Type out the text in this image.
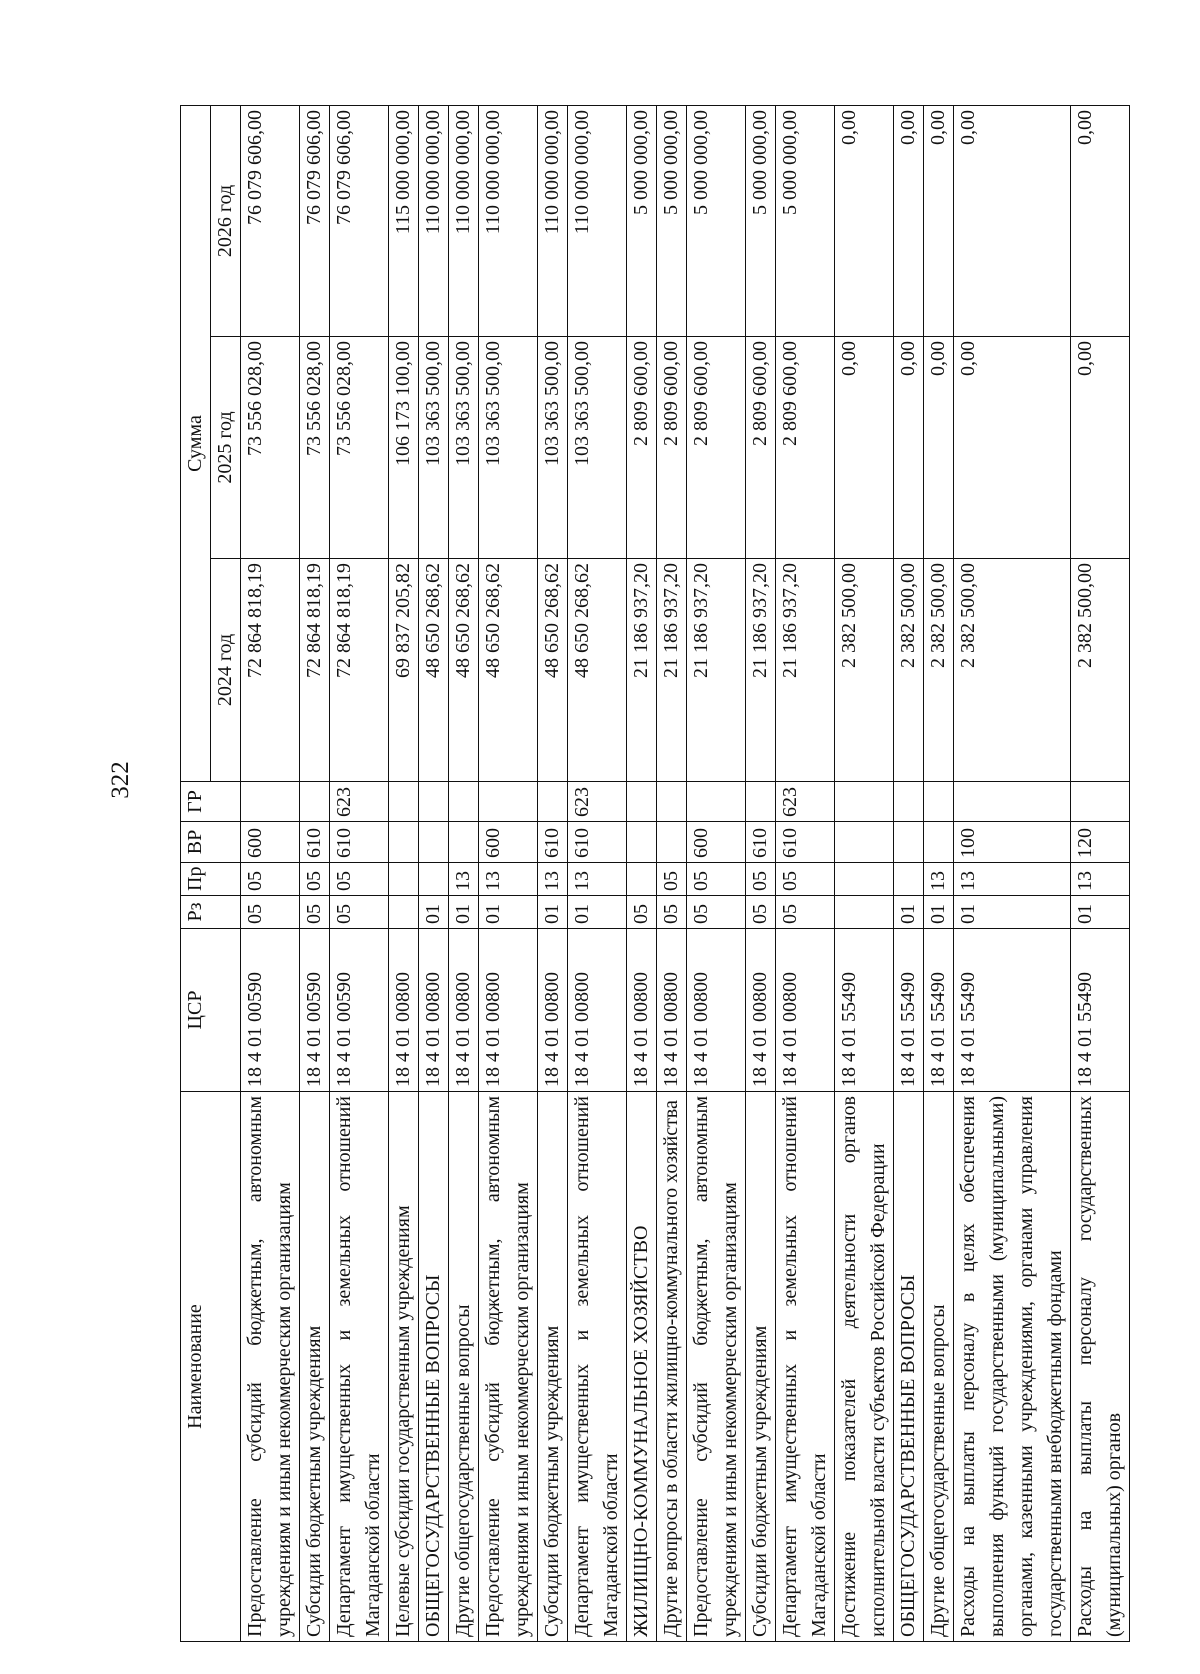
322
Наименование	ЦСР	Рз	Пр	ВР	ГР	Сумма		
						2024 год	2025 год	2026 год
Предоставление субсидий бюджетным, автономным учреждениям и иным некоммерческим организациям	18 4 01 00590	05	05	600		72 864 818,19	73 556 028,00	76 079 606,00
Субсидии бюджетным учреждениям	18 4 01 00590	05	05	610		72 864 818,19	73 556 028,00	76 079 606,00
Департамент имущественных и земельных отношений Магаданской области	18 4 01 00590	05	05	610	623	72 864 818,19	73 556 028,00	76 079 606,00
Целевые субсидии государственным учреждениям	18 4 01 00800					69 837 205,82	106 173 100,00	115 000 000,00
ОБЩЕГОСУДАРСТВЕННЫЕ ВОПРОСЫ	18 4 01 00800	01				48 650 268,62	103 363 500,00	110 000 000,00
Другие общегосударственные вопросы	18 4 01 00800	01	13			48 650 268,62	103 363 500,00	110 000 000,00
Предоставление субсидий бюджетным, автономным учреждениям и иным некоммерческим организациям	18 4 01 00800	01	13	600		48 650 268,62	103 363 500,00	110 000 000,00
Субсидии бюджетным учреждениям	18 4 01 00800	01	13	610		48 650 268,62	103 363 500,00	110 000 000,00
Департамент имущественных и земельных отношений Магаданской области	18 4 01 00800	01	13	610	623	48 650 268,62	103 363 500,00	110 000 000,00
ЖИЛИЩНО-КОММУНАЛЬНОЕ ХОЗЯЙСТВО	18 4 01 00800	05				21 186 937,20	2 809 600,00	5 000 000,00
Другие вопросы в области жилищно-коммунального хозяйства	18 4 01 00800	05	05			21 186 937,20	2 809 600,00	5 000 000,00
Предоставление субсидий бюджетным, автономным учреждениям и иным некоммерческим организациям	18 4 01 00800	05	05	600		21 186 937,20	2 809 600,00	5 000 000,00
Субсидии бюджетным учреждениям	18 4 01 00800	05	05	610		21 186 937,20	2 809 600,00	5 000 000,00
Департамент имущественных и земельных отношений Магаданской области	18 4 01 00800	05	05	610	623	21 186 937,20	2 809 600,00	5 000 000,00
Достижение показателей деятельности органов исполнительной власти субъектов Российской Федерации	18 4 01 55490					2 382 500,00	0,00	0,00
ОБЩЕГОСУДАРСТВЕННЫЕ ВОПРОСЫ	18 4 01 55490	01				2 382 500,00	0,00	0,00
Другие общегосударственные вопросы	18 4 01 55490	01	13			2 382 500,00	0,00	0,00
Расходы на выплаты персоналу в целях обеспечения выполнения функций государственными (муниципальными) органами, казенными учреждениями, органами управления государственными внебюджетными фондами	18 4 01 55490	01	13	100		2 382 500,00	0,00	0,00
Расходы на выплаты персоналу государственных (муниципальных) органов	18 4 01 55490	01	13	120		2 382 500,00	0,00	0,00
